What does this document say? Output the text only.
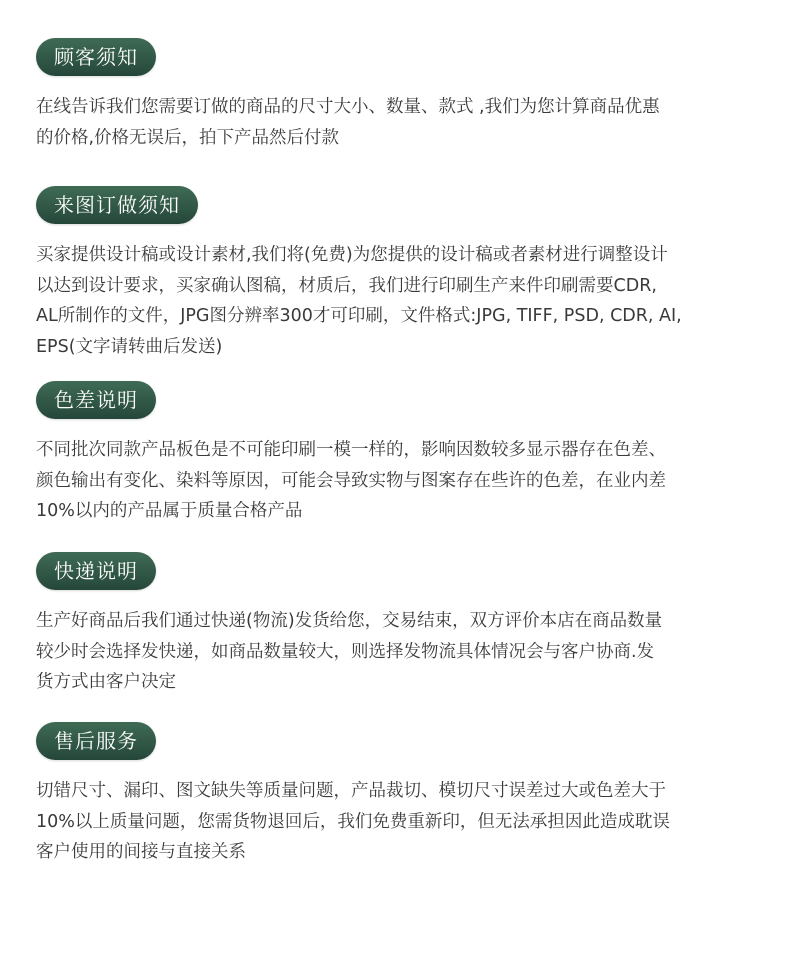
顾客须知

在线告诉我们您需要订做的商品的尺寸大小、数量、款式 ,我们为您计算商品优惠
的价格,价格无误后，拍下产品然后付款

来图订做须知

买家提供设计稿或设计素材,我们将(免费)为您提供的设计稿或者素材进行调整设计
以达到设计要求，买家确认图稿，材质后，我们进行印刷生产来件印刷需要CDR,
AL所制作的文件，JPG图分辨率300才可印刷，文件格式:JPG, TIFF, PSD, CDR, AI,
EPS(文字请转曲后发送)

色差说明

不同批次同款产品板色是不可能印刷一模一样的，影响因数较多显示器存在色差、
颜色输出有变化、染料等原因，可能会导致实物与图案存在些许的色差，在业内差
10%以内的产品属于质量合格产品

快递说明

生产好商品后我们通过快递(物流)发货给您，交易结束，双方评价本店在商品数量
较少时会选择发快递，如商品数量较大，则选择发物流具体情况会与客户协商.发
货方式由客户决定

售后服务

切错尺寸、漏印、图文缺失等质量问题，产品裁切、模切尺寸误差过大或色差大于
10%以上质量问题，您需货物退回后，我们免费重新印，但无法承担因此造成耽误
客户使用的间接与直接关系
